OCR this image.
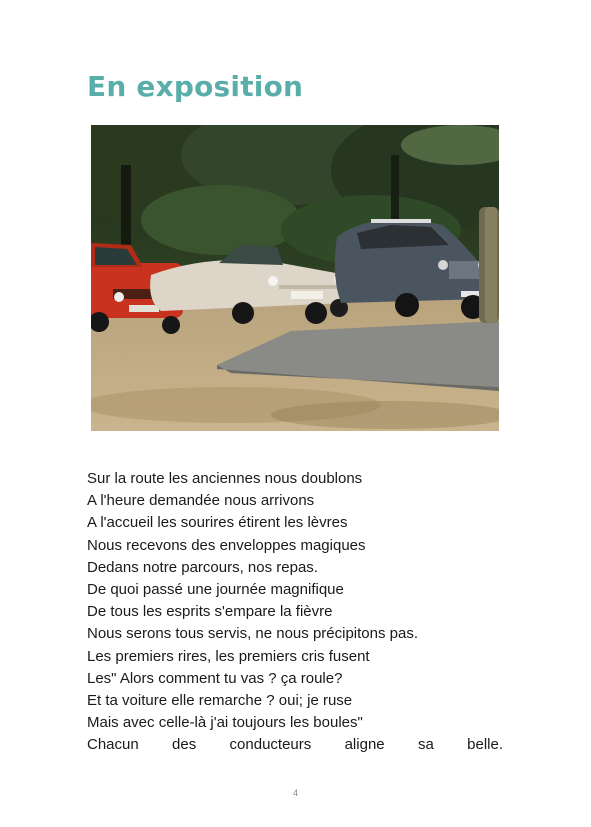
En exposition
Sur la route les anciennes nous doublons
A l'heure demandée nous arrivons
A l'accueil les sourires étirent les lèvres
Nous recevons des enveloppes magiques
Dedans notre parcours, nos repas.
De quoi passé une journée magnifique
De tous les esprits s'empare la fièvre
Nous serons tous servis, ne nous précipitons pas.
Les premiers rires, les premiers cris fusent
Les" Alors comment tu vas ? ça roule?
Et ta voiture elle remarche ? oui; je ruse
Mais avec celle-là j'ai toujours les boules"
Chacun des conducteurs aligne sa belle.
4
